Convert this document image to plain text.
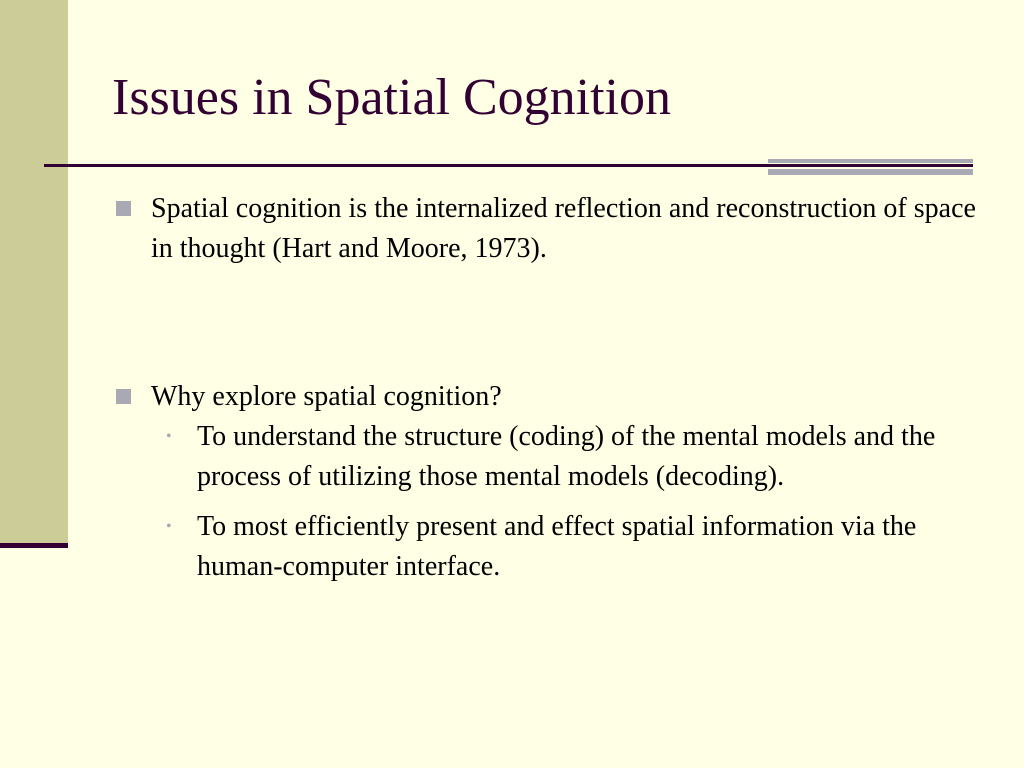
Issues in Spatial Cognition
Spatial cognition is the internalized reflection and reconstruction of space in thought (Hart and Moore, 1973).
Why explore spatial cognition?
• To understand the structure (coding) of the mental models and the process of utilizing those mental models (decoding).
• To most efficiently present and effect spatial information via the human-computer interface.
